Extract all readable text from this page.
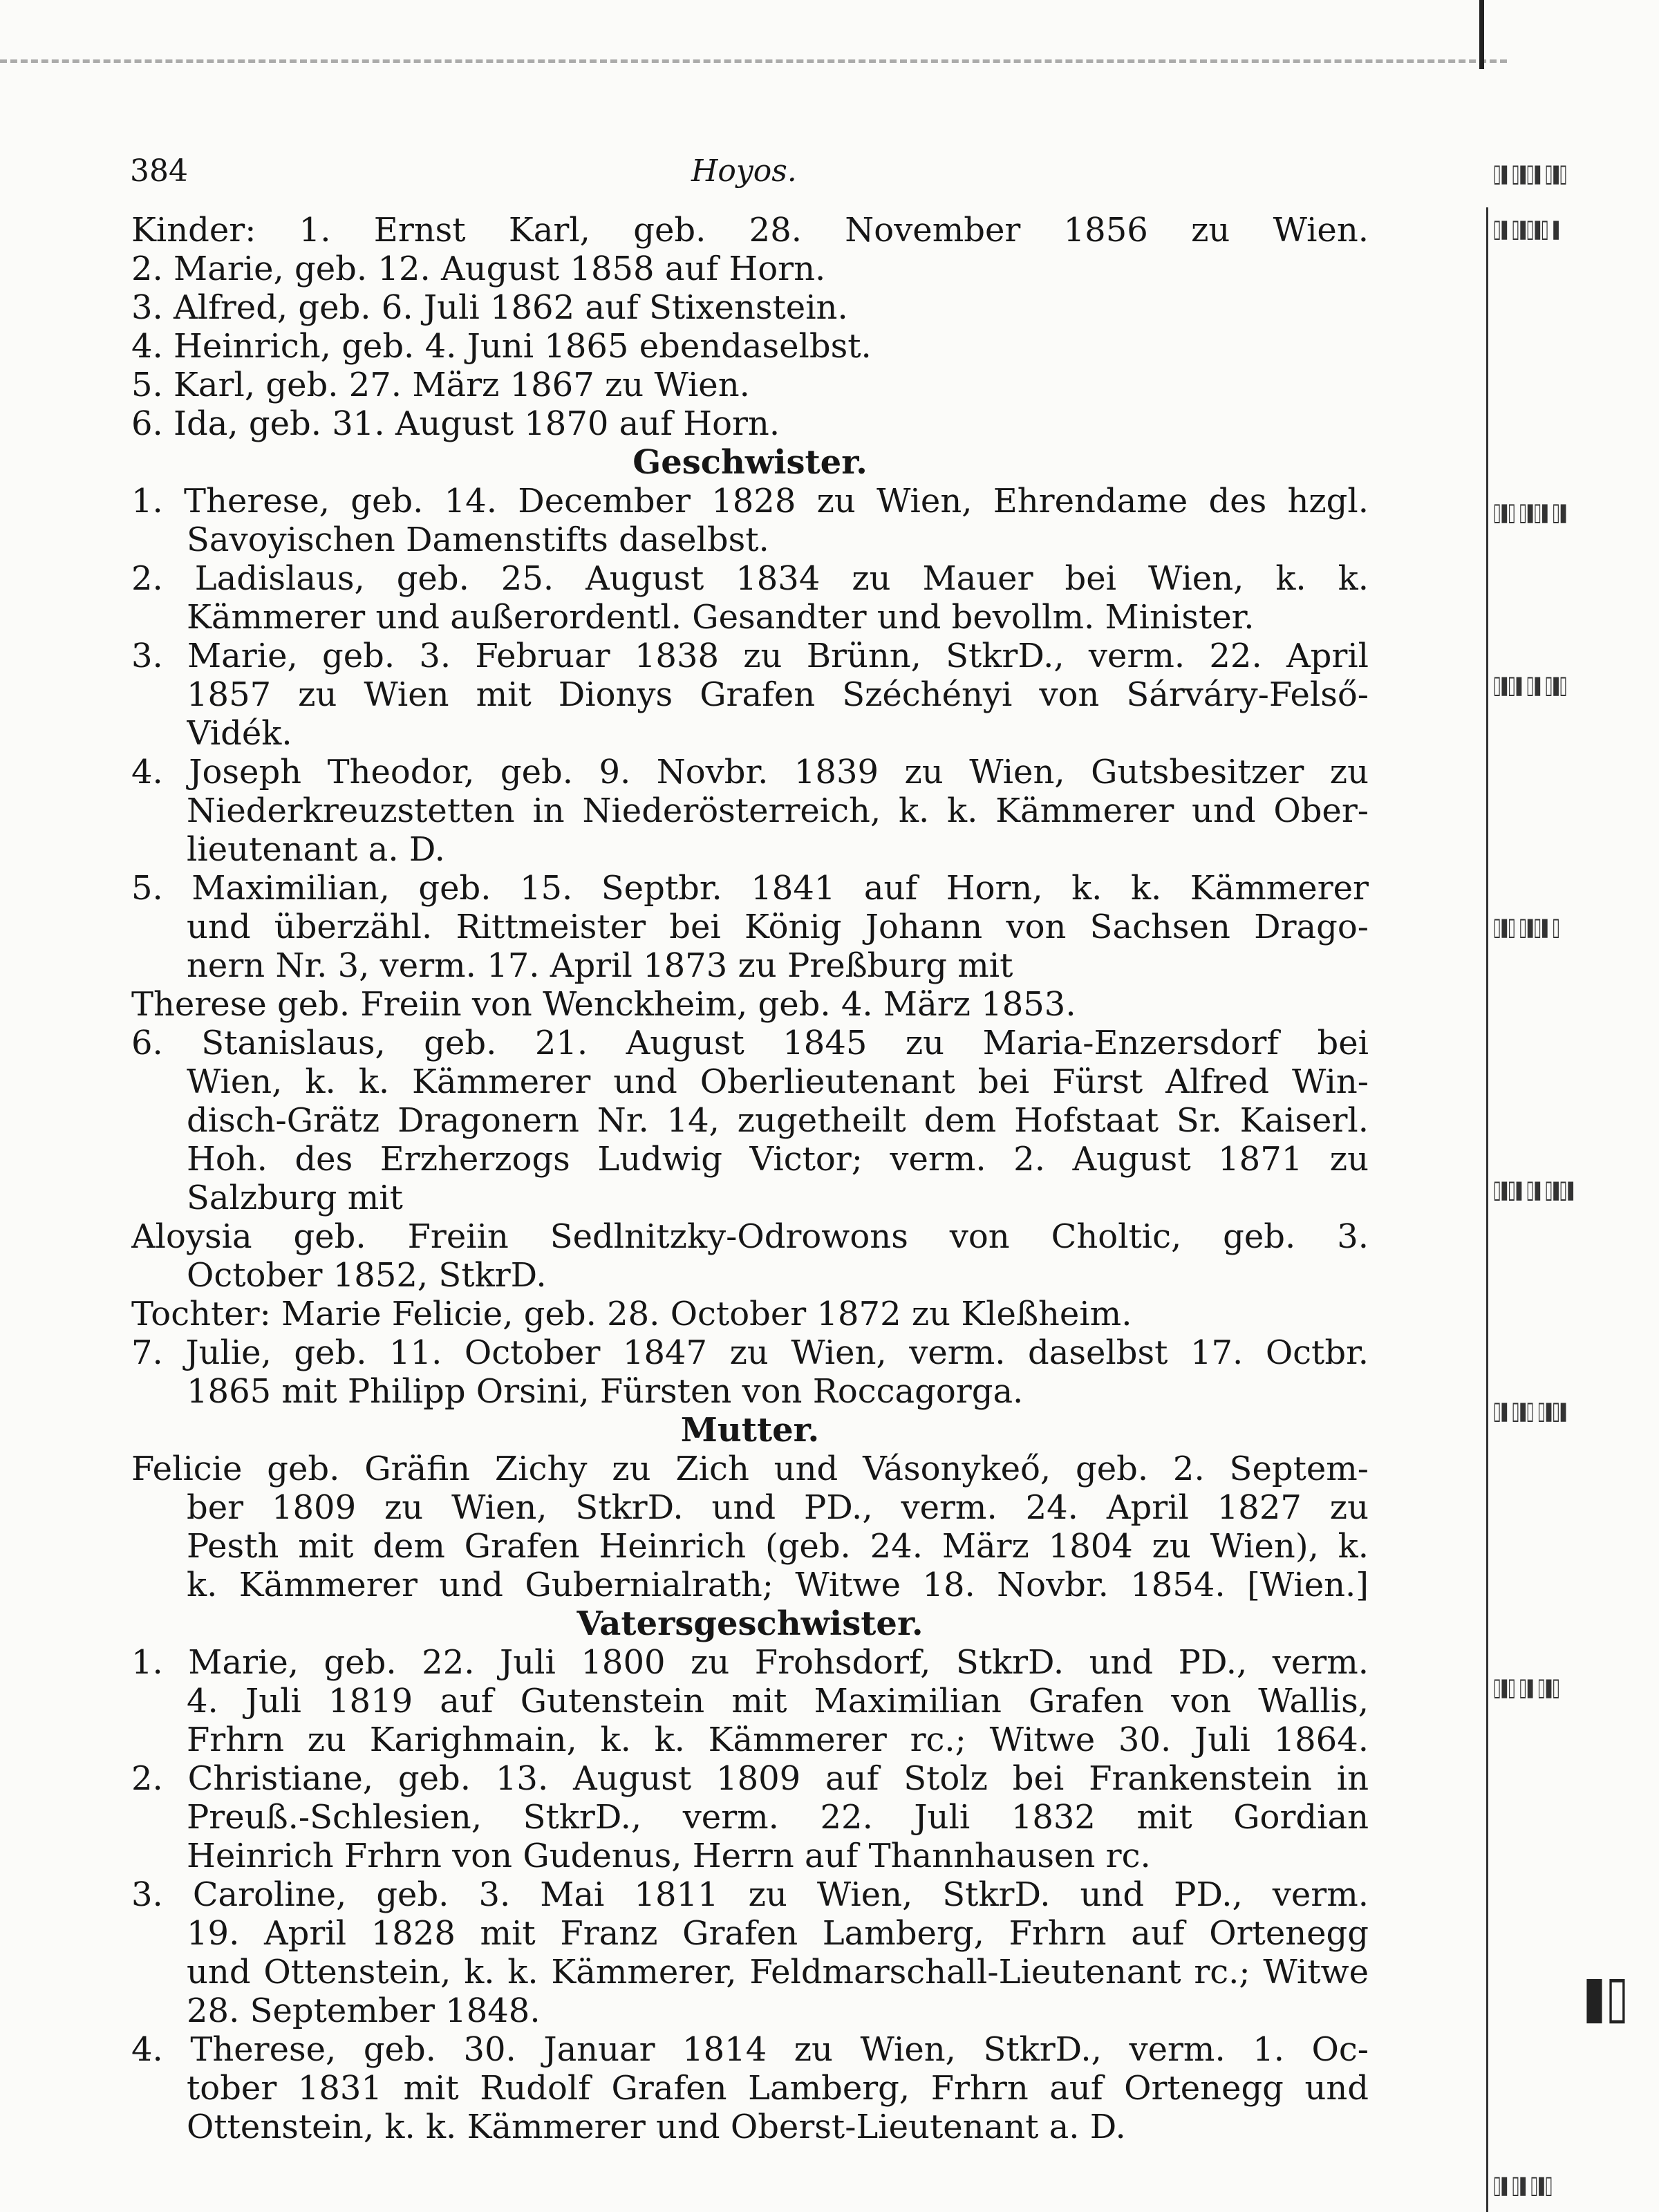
▯▮ ▯▮▯▮ ▯▮▯
▯▮ ▯▮▯▮▯ ▮
▯▮▯ ▯▮▯▮ ▯▮
▯▮▯▮ ▯▮ ▯▮▯
▯▮▯ ▯▮▯▮ ▯
▯▮▯▮ ▯▮ ▯▮▯▮
▯▮ ▯▮▯ ▯▮▯▮
▯▮▯ ▯▮ ▯▮▯
▮▯
▯▮ ▯▮ ▯▮▯
384	Hoyos.
Kinder: 1. Ernst Karl, geb. 28. November 1856 zu Wien.
2. Marie, geb. 12. August 1858 auf Horn.
3. Alfred, geb. 6. Juli 1862 auf Stixenstein.
4. Heinrich, geb. 4. Juni 1865 ebendaselbst.
5. Karl, geb. 27. März 1867 zu Wien.
6. Ida, geb. 31. August 1870 auf Horn.
Geschwister.
1. Therese, geb. 14. December 1828 zu Wien, Ehrendame des hzgl.
Savoyischen Damenstifts daselbst.
2. Ladislaus, geb. 25. August 1834 zu Mauer bei Wien, k. k.
Kämmerer und außerordentl. Gesandter und bevollm. Minister.
3. Marie, geb. 3. Februar 1838 zu Brünn, StkrD., verm. 22. April
1857 zu Wien mit Dionys Grafen Széchényi von Sárváry-Felső-
Vidék.
4. Joseph Theodor, geb. 9. Novbr. 1839 zu Wien, Gutsbesitzer zu
Niederkreuzstetten in Niederösterreich, k. k. Kämmerer und Ober-
lieutenant a. D.
5. Maximilian, geb. 15. Septbr. 1841 auf Horn, k. k. Kämmerer
und überzähl. Rittmeister bei König Johann von Sachsen Drago-
nern Nr. 3, verm. 17. April 1873 zu Preßburg mit
Therese geb. Freiin von Wenckheim, geb. 4. März 1853.
6. Stanislaus, geb. 21. August 1845 zu Maria-Enzersdorf bei
Wien, k. k. Kämmerer und Oberlieutenant bei Fürst Alfred Win-
disch-Grätz Dragonern Nr. 14, zugetheilt dem Hofstaat Sr. Kaiserl.
Hoh. des Erzherzogs Ludwig Victor; verm. 2. August 1871 zu
Salzburg mit
Aloysia geb. Freiin Sedlnitzky-Odrowons von Choltic, geb. 3.
October 1852, StkrD.
Tochter: Marie Felicie, geb. 28. October 1872 zu Kleßheim.
7. Julie, geb. 11. October 1847 zu Wien, verm. daselbst 17. Octbr.
1865 mit Philipp Orsini, Fürsten von Roccagorga.
Mutter.
Felicie geb. Gräfin Zichy zu Zich und Vásonykeő, geb. 2. Septem-
ber 1809 zu Wien, StkrD. und PD., verm. 24. April 1827 zu
Pesth mit dem Grafen Heinrich (geb. 24. März 1804 zu Wien), k.
k. Kämmerer und Gubernialrath; Witwe 18. Novbr. 1854. [Wien.]
Vatersgeschwister.
1. Marie, geb. 22. Juli 1800 zu Frohsdorf, StkrD. und PD., verm.
4. Juli 1819 auf Gutenstein mit Maximilian Grafen von Wallis,
Frhrn zu Karighmain, k. k. Kämmerer rc.; Witwe 30. Juli 1864.
2. Christiane, geb. 13. August 1809 auf Stolz bei Frankenstein in
Preuß.-Schlesien, StkrD., verm. 22. Juli 1832 mit Gordian
Heinrich Frhrn von Gudenus, Herrn auf Thannhausen rc.
3. Caroline, geb. 3. Mai 1811 zu Wien, StkrD. und PD., verm.
19. April 1828 mit Franz Grafen Lamberg, Frhrn auf Ortenegg
und Ottenstein, k. k. Kämmerer, Feldmarschall-Lieutenant rc.; Witwe
28. September 1848.
4. Therese, geb. 30. Januar 1814 zu Wien, StkrD., verm. 1. Oc-
tober 1831 mit Rudolf Grafen Lamberg, Frhrn auf Ortenegg und
Ottenstein, k. k. Kämmerer und Oberst-Lieutenant a. D.
